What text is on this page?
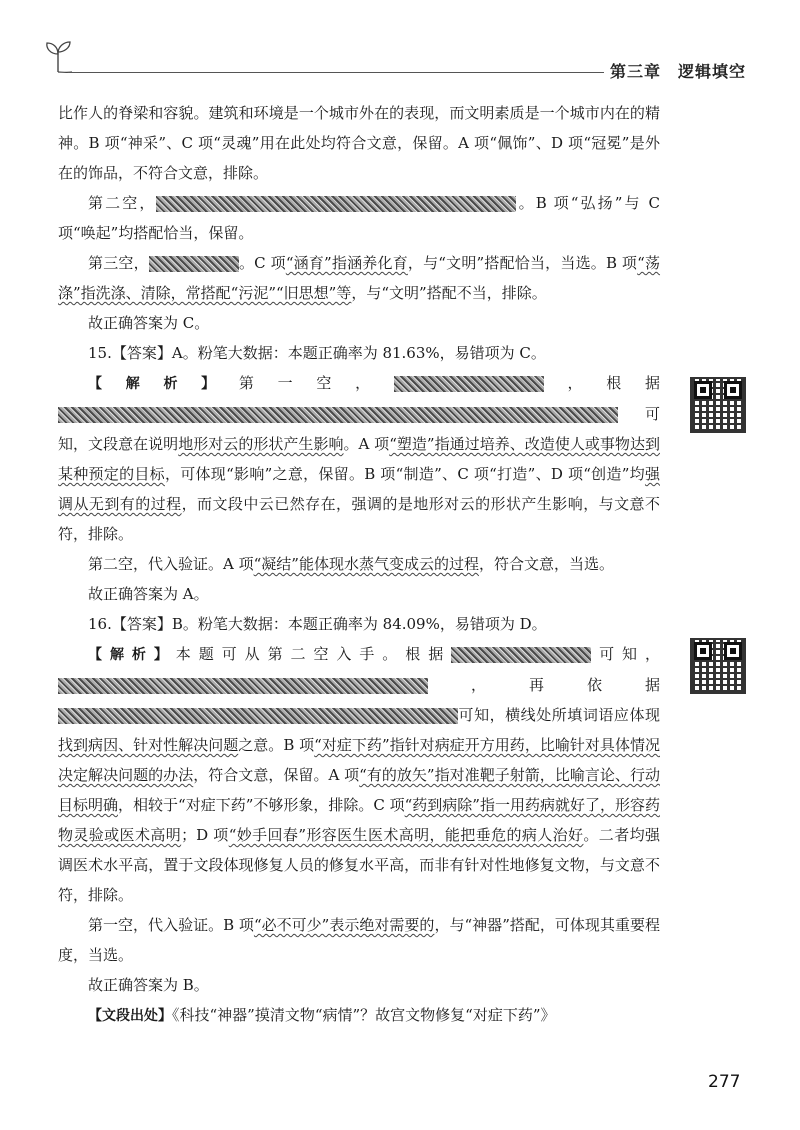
第三章　逻辑填空

比作人的脊梁和容貌。建筑和环境是一个城市外在的表现，而文明素质是一个城市内在的精神。B 项“神采”、C 项“灵魂”用在此处均符合文意，保留。A 项“佩饰”、D 项“冠冕”是外在的饰品，不符合文意，排除。

第二空，	。B 项“弘扬”与 C 项“唤起”均搭配恰当，保留。

第三空，	。C 项“涵育”指涵养化育，与“文明”搭配恰当，当选。B 项“荡涤”指洗涤、清除，常搭配“污泥”“旧思想”等，与“文明”搭配不当，排除。

故正确答案为 C。

15.【答案】A。粉笔大数据：本题正确率为 81.63%，易错项为 C。

【解析】第一空，	，根据可知，文段意在说明地形对云的形状产生影响。A 项“塑造”指通过培养、改造使人或事物达到某种预定的目标，可体现“影响”之意，保留。B 项“制造”、C 项“打造”、D 项“创造”均强调从无到有的过程，而文段中云已然存在，强调的是地形对云的形状产生影响，与文意不符，排除。

第二空，代入验证。A 项“凝结”能体现水蒸气变成云的过程，符合文意，当选。

故正确答案为 A。

16.【答案】B。粉笔大数据：本题正确率为 84.09%，易错项为 D。

【解析】本题可从第二空入手。根据	可知，，再依据可知，横线处所填词语应体现找到病因、针对性解决问题之意。B 项“对症下药”指针对病症开方用药，比喻针对具体情况决定解决问题的办法，符合文意，保留。A 项“有的放矢”指对准靶子射箭，比喻言论、行动目标明确，相较于“对症下药”不够形象，排除。C 项“药到病除”指一用药病就好了，形容药物灵验或医术高明；D 项“妙手回春”形容医生医术高明，能把垂危的病人治好。二者均强调医术水平高，置于文段体现修复人员的修复水平高，而非有针对性地修复文物，与文意不符，排除。

第一空，代入验证。B 项“必不可少”表示绝对需要的，与“神器”搭配，可体现其重要程度，当选。

故正确答案为 B。

【文段出处】《科技“神器”摸清文物“病情”？故宫文物修复“对症下药”》

277
